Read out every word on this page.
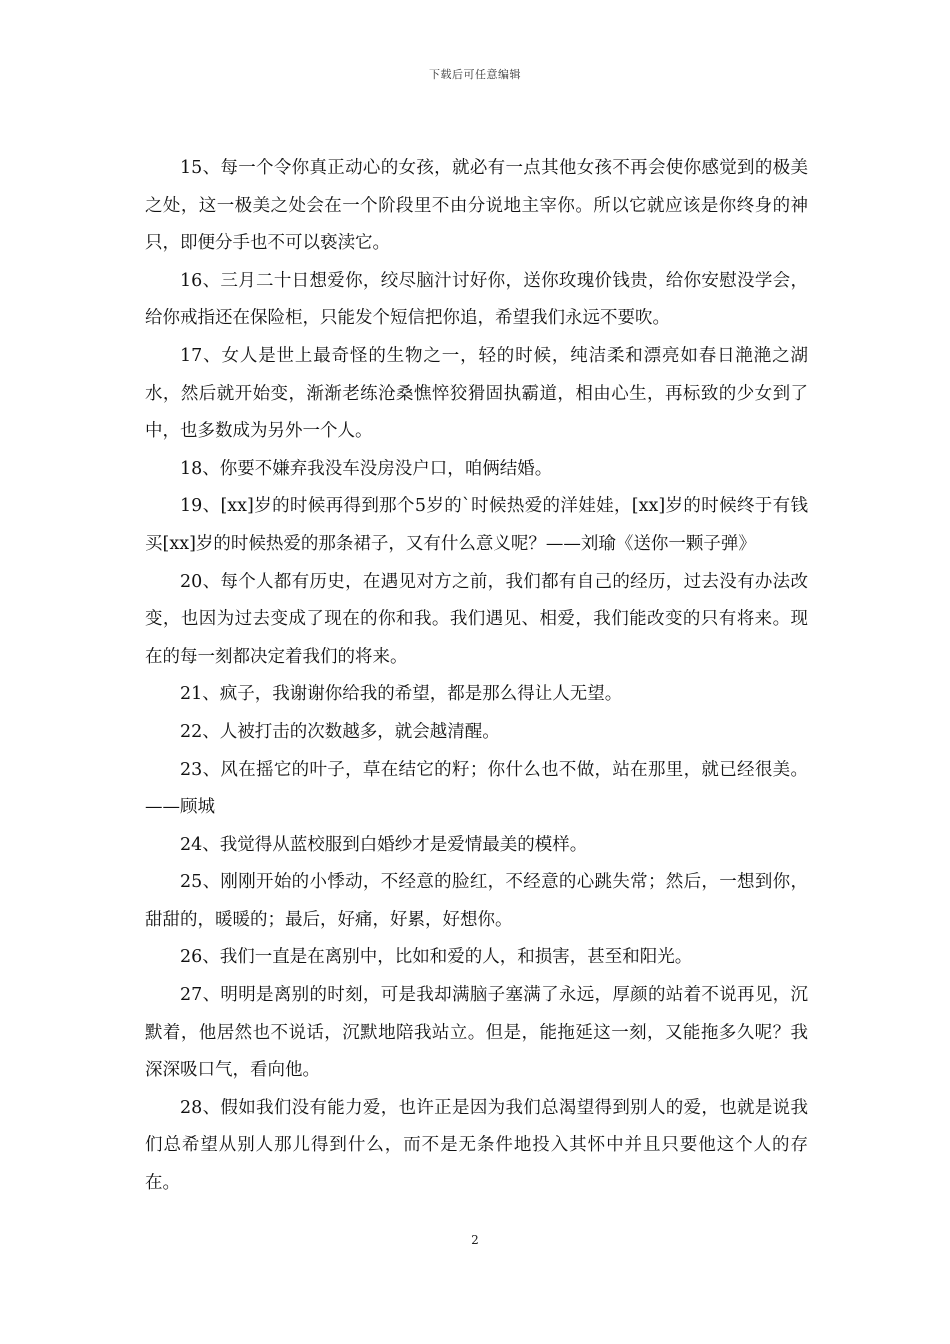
下载后可任意编辑

15、每一个令你真正动心的女孩，就必有一点其他女孩不再会使你感觉到的极美之处，这一极美之处会在一个阶段里不由分说地主宰你。所以它就应该是你终身的神只，即便分手也不可以亵渎它。

16、三月二十日想爱你，绞尽脑汁讨好你，送你玫瑰价钱贵，给你安慰没学会，给你戒指还在保险柜，只能发个短信把你追，希望我们永远不要吹。

17、女人是世上最奇怪的生物之一，轻的时候，纯洁柔和漂亮如春日滟滟之湖水，然后就开始变，渐渐老练沧桑憔悴狡猾固执霸道，相由心生，再标致的少女到了中，也多数成为另外一个人。

18、你要不嫌弃我没车没房没户口，咱俩结婚。

19、[xx]岁的时候再得到那个5岁的`时候热爱的洋娃娃，[xx]岁的时候终于有钱买[xx]岁的时候热爱的那条裙子，又有什么意义呢？——刘瑜《送你一颗子弹》

20、每个人都有历史，在遇见对方之前，我们都有自己的经历，过去没有办法改变，也因为过去变成了现在的你和我。我们遇见、相爱，我们能改变的只有将来。现在的每一刻都决定着我们的将来。

21、疯子，我谢谢你给我的希望，都是那么得让人无望。

22、人被打击的次数越多，就会越清醒。

23、风在摇它的叶子，草在结它的籽；你什么也不做，站在那里，就已经很美。——顾城

24、我觉得从蓝校服到白婚纱才是爱情最美的模样。

25、刚刚开始的小悸动，不经意的脸红，不经意的心跳失常；然后，一想到你，甜甜的，暖暖的；最后，好痛，好累，好想你。

26、我们一直是在离别中，比如和爱的人，和损害，甚至和阳光。

27、明明是离别的时刻，可是我却满脑子塞满了永远，厚颜的站着不说再见，沉默着，他居然也不说话，沉默地陪我站立。但是，能拖延这一刻，又能拖多久呢？我深深吸口气，看向他。

28、假如我们没有能力爱，也许正是因为我们总渴望得到别人的爱，也就是说我们总希望从别人那儿得到什么，而不是无条件地投入其怀中并且只要他这个人的存在。

2
